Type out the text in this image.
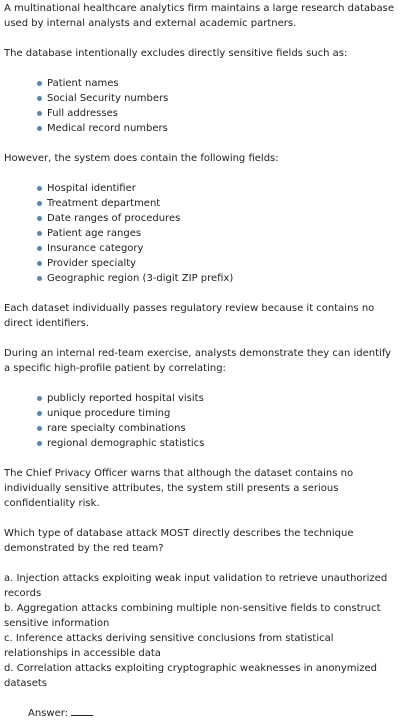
A multinational healthcare analytics firm maintains a large research database used by internal analysts and external academic partners.

The database intentionally excludes directly sensitive fields such as:

Patient names
Social Security numbers
Full addresses
Medical record numbers

However, the system does contain the following fields:

Hospital identifier
Treatment department
Date ranges of procedures
Patient age ranges
Insurance category
Provider specialty
Geographic region (3-digit ZIP prefix)

Each dataset individually passes regulatory review because it contains no direct identifiers.

During an internal red-team exercise, analysts demonstrate they can identify a specific high-profile patient by correlating:

publicly reported hospital visits
unique procedure timing
rare specialty combinations
regional demographic statistics

The Chief Privacy Officer warns that although the dataset contains no individually sensitive attributes, the system still presents a serious confidentiality risk.

Which type of database attack MOST directly describes the technique demonstrated by the red team?

a. Injection attacks exploiting weak input validation to retrieve unauthorized records

b. Aggregation attacks combining multiple non-sensitive fields to construct sensitive information

c. Inference attacks deriving sensitive conclusions from statistical relationships in accessible data

d. Correlation attacks exploiting cryptographic weaknesses in anonymized datasets

Answer:
